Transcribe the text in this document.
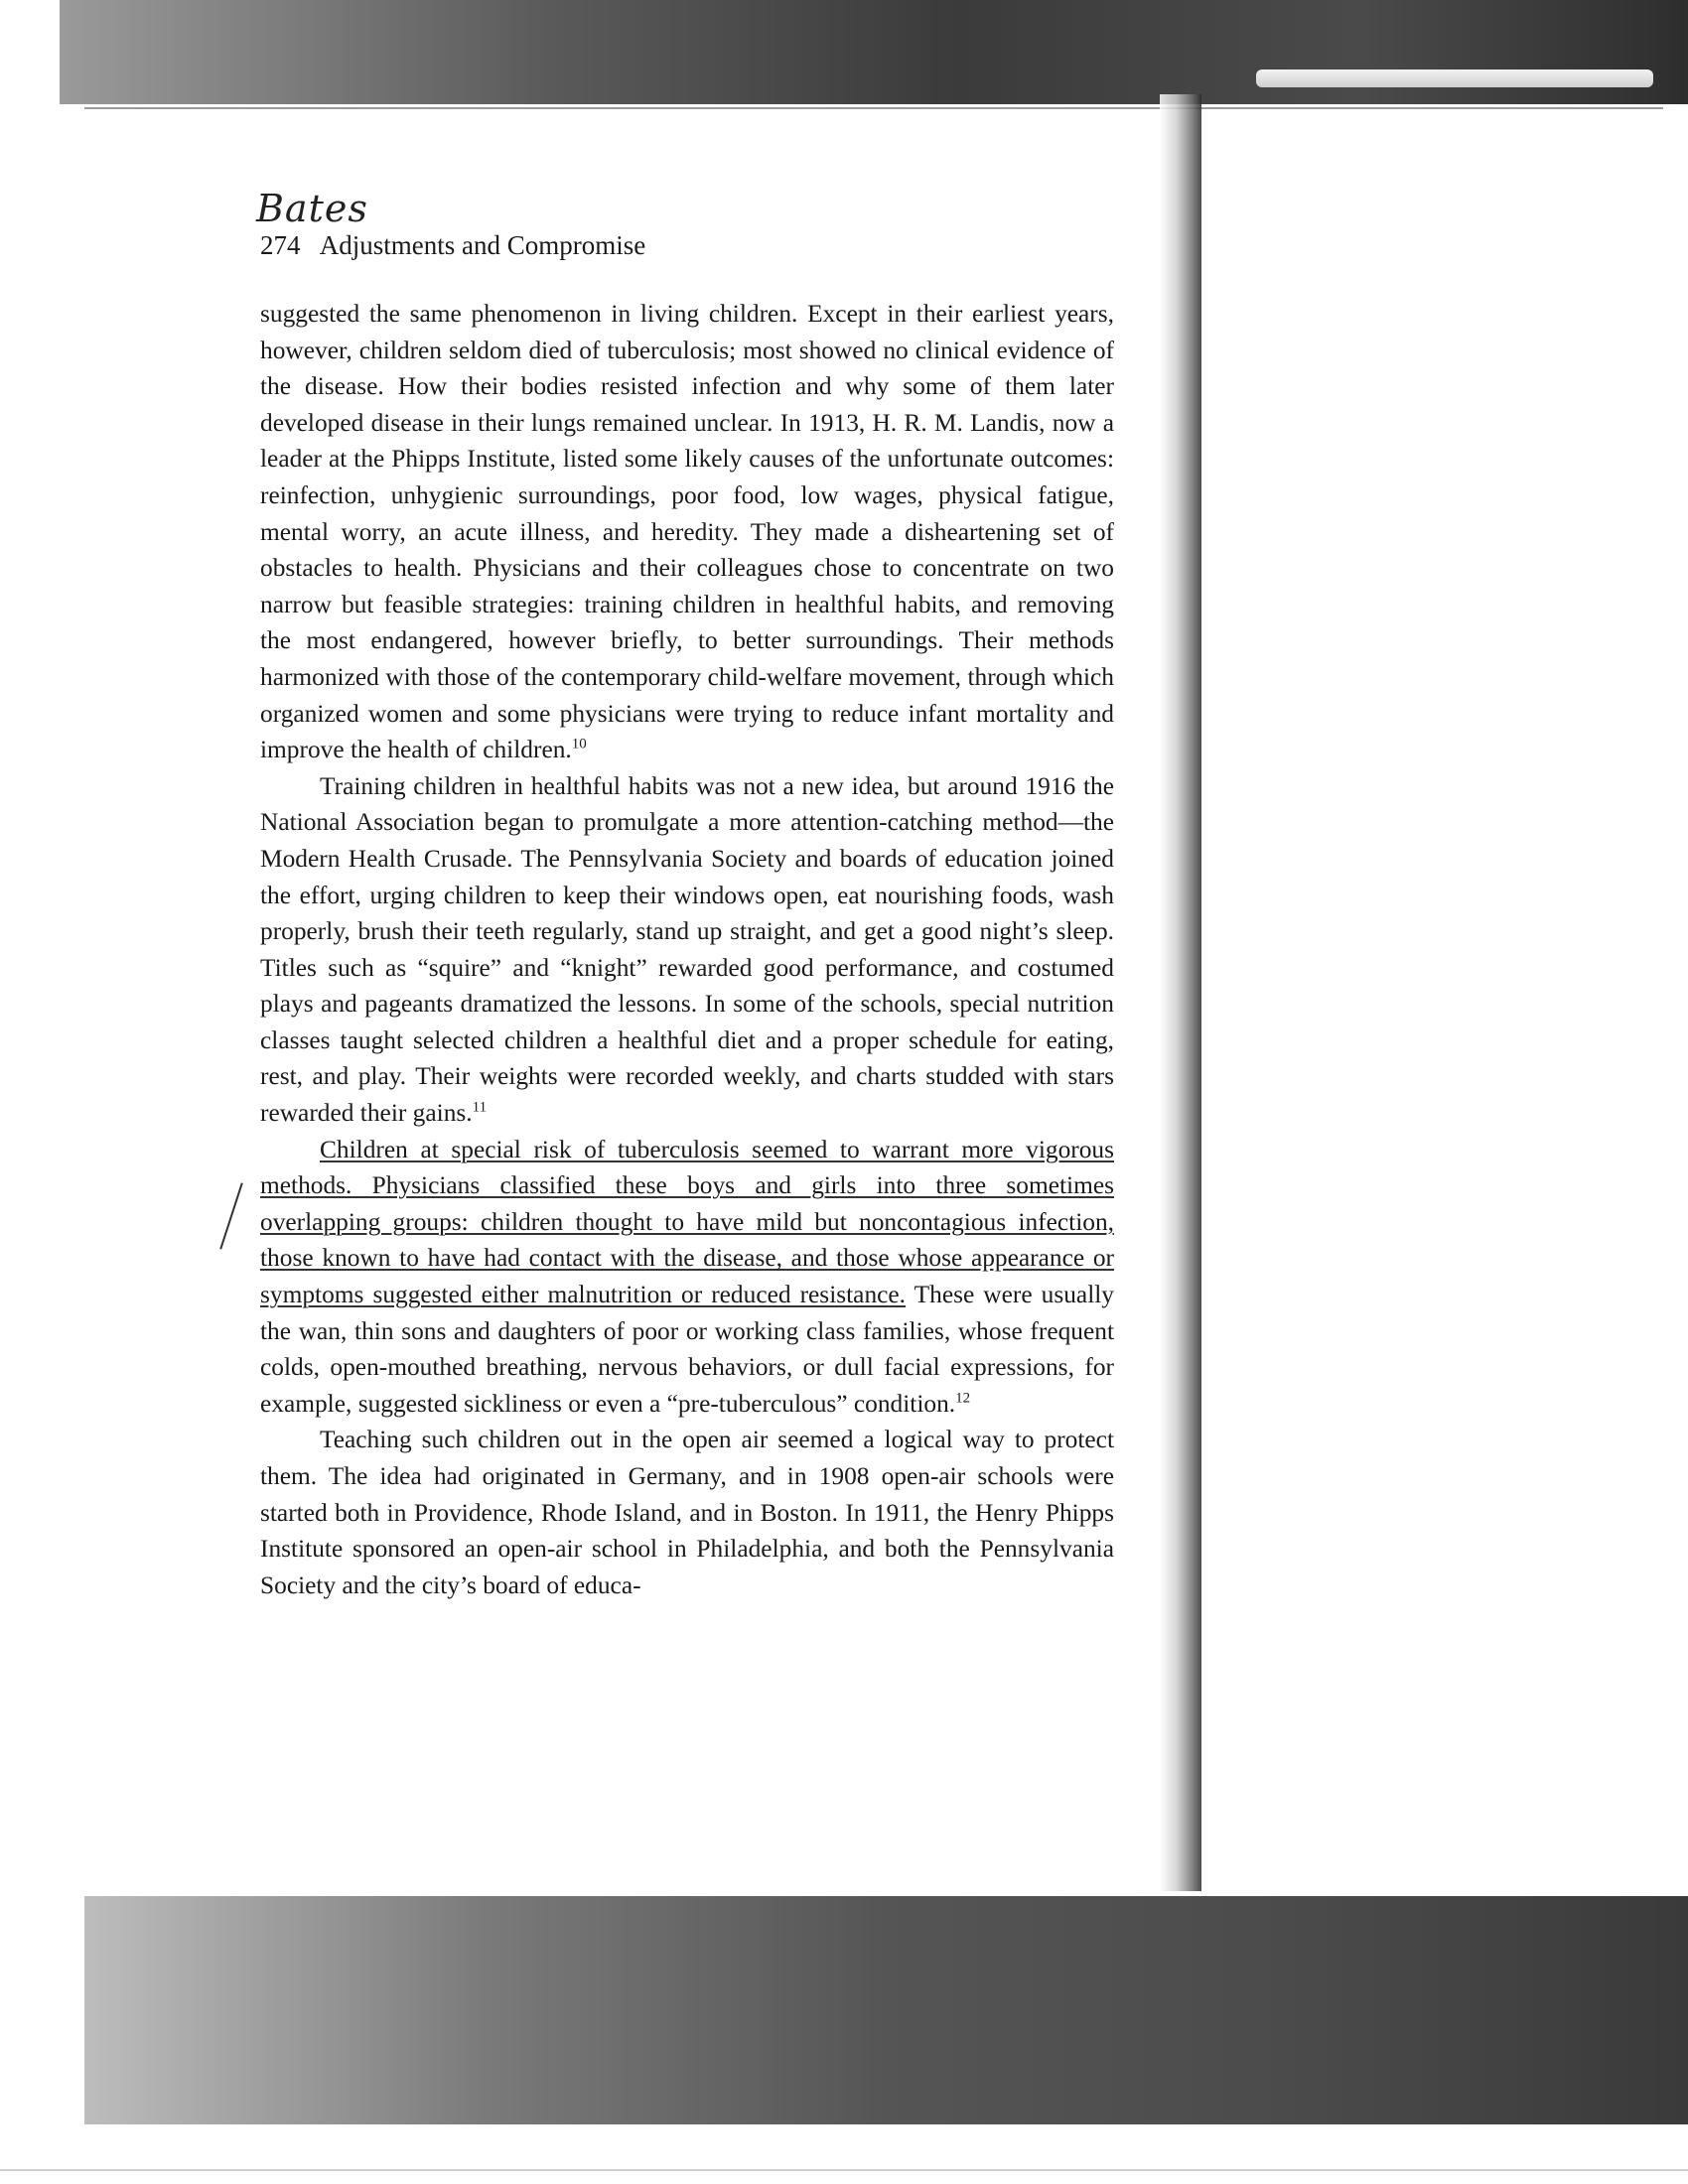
Bates
274 Adjustments and Compromise

suggested the same phenomenon in living children. Except in their earliest years, however, children seldom died of tuberculosis; most showed no clinical evidence of the disease. How their bodies resisted infection and why some of them later developed disease in their lungs remained unclear. In 1913, H. R. M. Landis, now a leader at the Phipps Institute, listed some likely causes of the unfortunate outcomes: reinfection, unhygienic surroundings, poor food, low wages, physical fatigue, mental worry, an acute illness, and heredity. They made a disheartening set of obstacles to health. Physicians and their colleagues chose to concentrate on two narrow but feasible strategies: training children in healthful habits, and removing the most endangered, however briefly, to better surroundings. Their methods harmonized with those of the contemporary child-welfare movement, through which organized women and some physicians were trying to reduce infant mortality and improve the health of children.$^{10}$

Training children in healthful habits was not a new idea, but around 1916 the National Association began to promulgate a more attention-catching method—the Modern Health Crusade. The Pennsylvania Society and boards of education joined the effort, urging children to keep their windows open, eat nourishing foods, wash properly, brush their teeth regularly, stand up straight, and get a good night’s sleep. Titles such as “squire” and “knight” rewarded good performance, and costumed plays and pageants dramatized the lessons. In some of the schools, special nutrition classes taught selected children a healthful diet and a proper schedule for eating, rest, and play. Their weights were recorded weekly, and charts studded with stars rewarded their gains.$^{11}$

Children at special risk of tuberculosis seemed to warrant more vigorous methods. Physicians classified these boys and girls into three sometimes overlapping groups: children thought to have mild but noncontagious infection, those known to have had contact with the disease, and those whose appearance or symptoms suggested either malnutrition or reduced resistance. These were usually the wan, thin sons and daughters of poor or working class families, whose frequent colds, open-mouthed breathing, nervous behaviors, or dull facial expressions, for example, suggested sickliness or even a “pre-tuberculous” condition.$^{12}$

Teaching such children out in the open air seemed a logical way to protect them. The idea had originated in Germany, and in 1908 open-air schools were started both in Providence, Rhode Island, and in Boston. In 1911, the Henry Phipps Institute sponsored an open-air school in Philadelphia, and both the Pennsylvania Society and the city’s board of educa-
